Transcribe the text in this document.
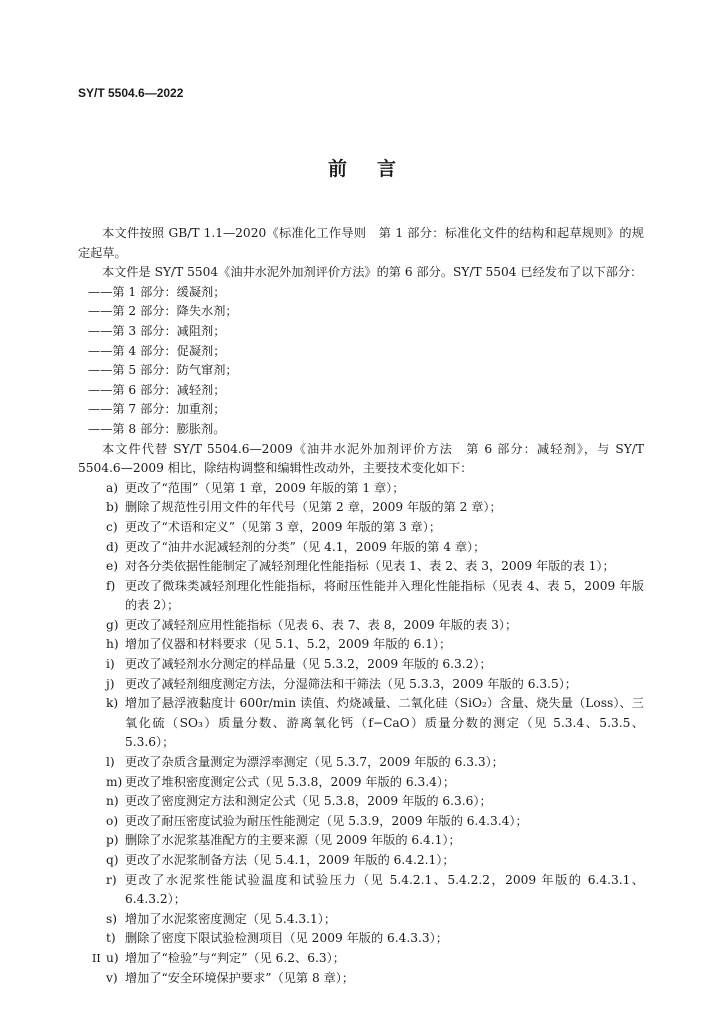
SY/T 5504.6—2022
前言

本文件按照 GB/T 1.1—2020《标准化工作导则　第 1 部分：标准化文件的结构和起草规则》的规定起草。

本文件是 SY/T 5504《油井水泥外加剂评价方法》的第 6 部分。SY/T 5504 已经发布了以下部分：

——第 1 部分：缓凝剂；

——第 2 部分：降失水剂；

——第 3 部分：减阻剂；

——第 4 部分：促凝剂；

——第 5 部分：防气窜剂；

——第 6 部分：减轻剂；

——第 7 部分：加重剂；

——第 8 部分：膨胀剂。

本文件代替 SY/T 5504.6—2009《油井水泥外加剂评价方法　第 6 部分：减轻剂》，与 SY/T 5504.6—2009 相比，除结构调整和编辑性改动外，主要技术变化如下：

a) 更改了“范围”（见第 1 章，2009 年版的第 1 章）；

b) 删除了规范性引用文件的年代号（见第 2 章，2009 年版的第 2 章）；

c) 更改了“术语和定义”（见第 3 章，2009 年版的第 3 章）；

d) 更改了“油井水泥减轻剂的分类”（见 4.1，2009 年版的第 4 章）；

e) 对各分类依据性能制定了减轻剂理化性能指标（见表 1、表 2、表 3，2009 年版的表 1）；

f) 更改了微珠类减轻剂理化性能指标，将耐压性能并入理化性能指标（见表 4、表 5，2009 年版的表 2）；

g) 更改了减轻剂应用性能指标（见表 6、表 7、表 8，2009 年版的表 3）；

h) 增加了仪器和材料要求（见 5.1、5.2，2009 年版的 6.1）；

i) 更改了减轻剂水分测定的样品量（见 5.3.2，2009 年版的 6.3.2）；

j) 更改了减轻剂细度测定方法，分湿筛法和干筛法（见 5.3.3，2009 年版的 6.3.5）；

k) 增加了悬浮液黏度计 600r/min 读值、灼烧减量、二氧化硅（SiO₂）含量、烧失量（Loss）、三氧化硫（SO₃）质量分数、游离氧化钙（f−CaO）质量分数的测定（见 5.3.4、5.3.5、5.3.6）；

l) 更改了杂质含量测定为漂浮率测定（见 5.3.7，2009 年版的 6.3.3）；

m) 更改了堆积密度测定公式（见 5.3.8，2009 年版的 6.3.4）；

n) 更改了密度测定方法和测定公式（见 5.3.8，2009 年版的 6.3.6）；

o) 更改了耐压密度试验为耐压性能测定（见 5.3.9，2009 年版的 6.4.3.4）；

p) 删除了水泥浆基准配方的主要来源（见 2009 年版的 6.4.1）；

q) 更改了水泥浆制备方法（见 5.4.1，2009 年版的 6.4.2.1）；

r) 更改了水泥浆性能试验温度和试验压力（见 5.4.2.1、5.4.2.2，2009 年版的 6.4.3.1、6.4.3.2）；

s) 增加了水泥浆密度测定（见 5.4.3.1）；

t) 删除了密度下限试验检测项目（见 2009 年版的 6.4.3.3）；

u) 增加了“检验”与“判定”（见 6.2、6.3）；

v) 增加了“安全环境保护要求”（见第 8 章）；

II
